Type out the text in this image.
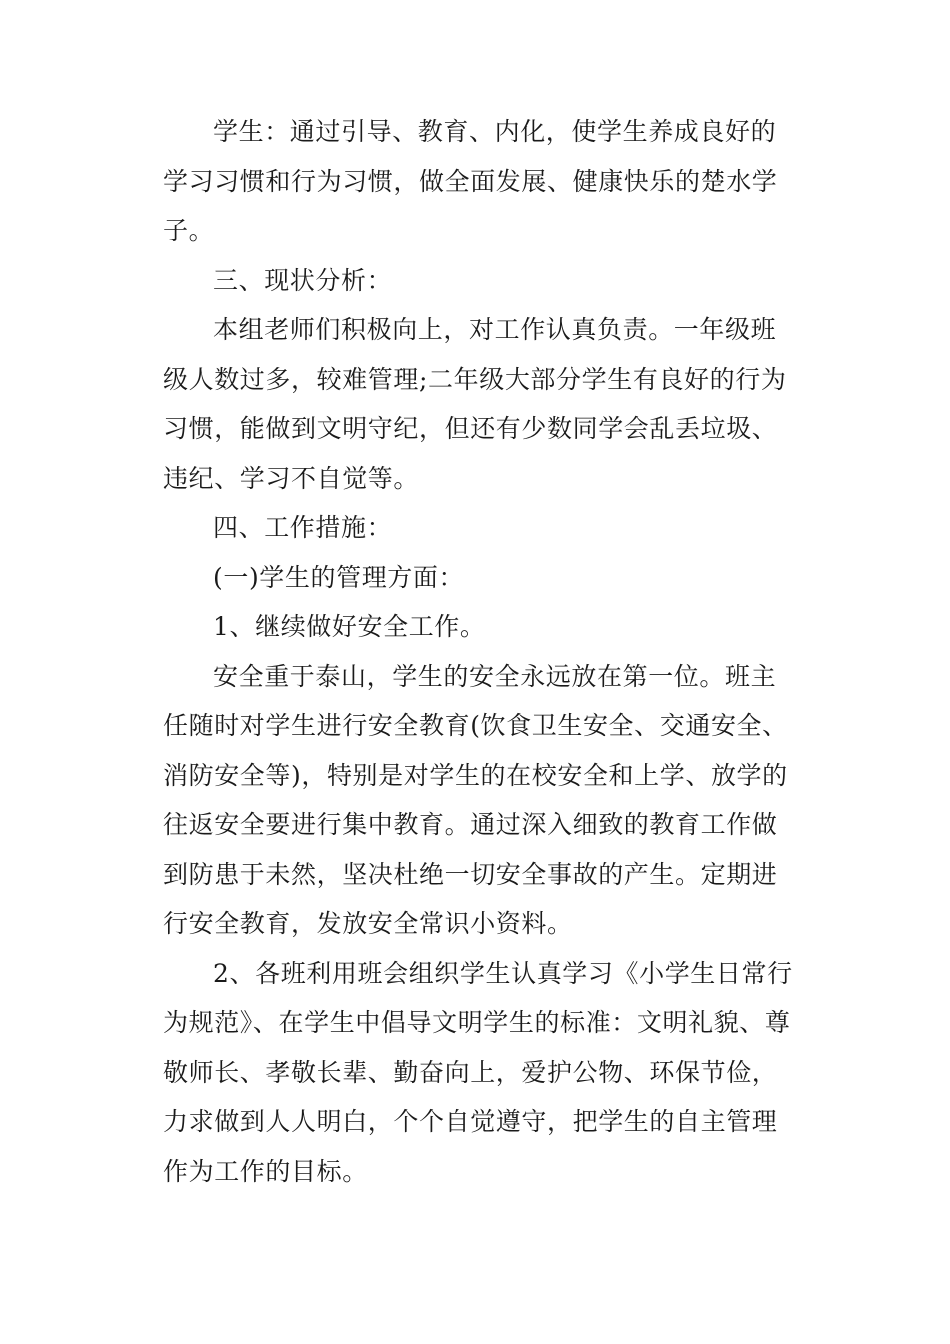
学生：通过引导、教育、内化，使学生养成良好的
学习习惯和行为习惯，做全面发展、健康快乐的楚水学
子。
三、现状分析：
本组老师们积极向上，对工作认真负责。一年级班
级人数过多，较难管理;二年级大部分学生有良好的行为
习惯，能做到文明守纪，但还有少数同学会乱丢垃圾、
违纪、学习不自觉等。
四、工作措施：
(一)学生的管理方面：
1、继续做好安全工作。
安全重于泰山，学生的安全永远放在第一位。班主
任随时对学生进行安全教育(饮食卫生安全、交通安全、
消防安全等)，特别是对学生的在校安全和上学、放学的
往返安全要进行集中教育。通过深入细致的教育工作做
到防患于未然，坚决杜绝一切安全事故的产生。定期进
行安全教育，发放安全常识小资料。
2、各班利用班会组织学生认真学习《小学生日常行
为规范》、在学生中倡导文明学生的标准：文明礼貌、尊
敬师长、孝敬长辈、勤奋向上，爱护公物、环保节俭，
力求做到人人明白，个个自觉遵守，把学生的自主管理
作为工作的目标。
